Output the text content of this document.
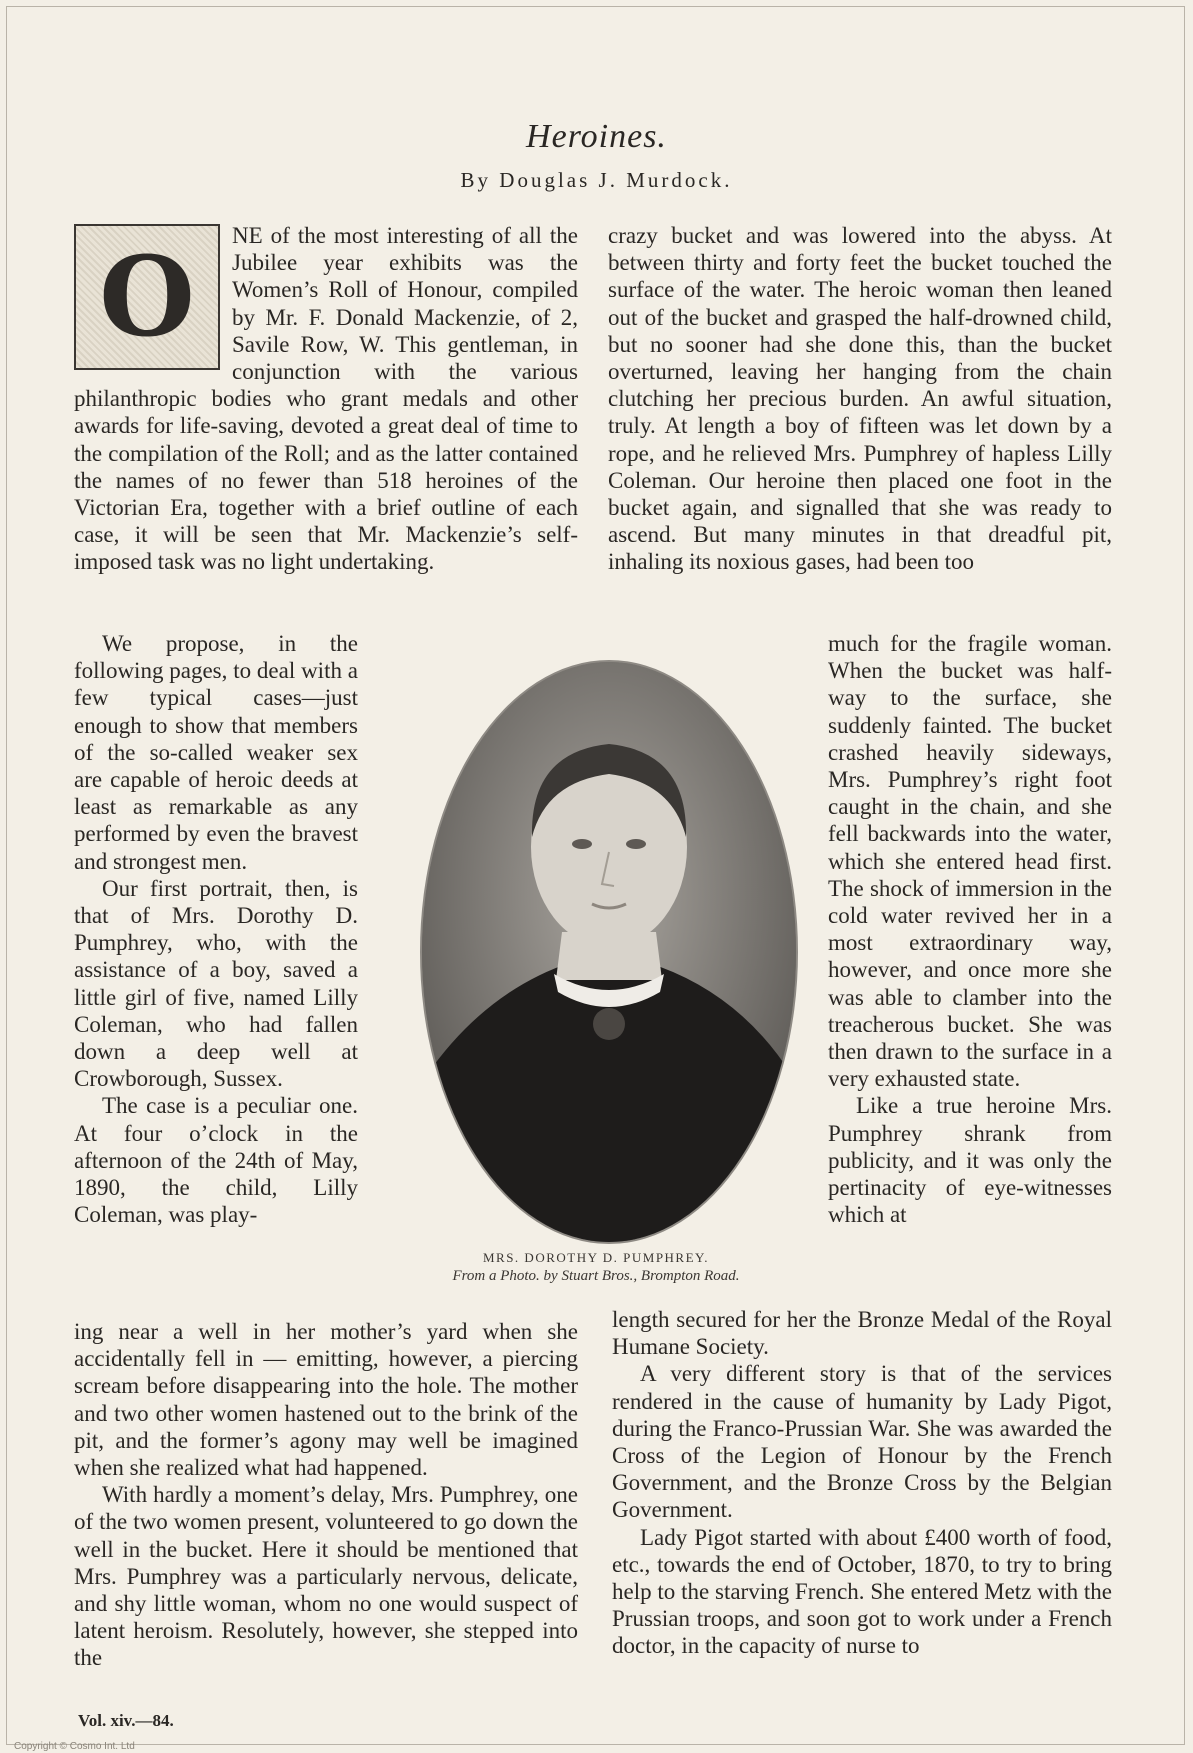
Heroines.
By Douglas J. Murdock.
O	NE of the most interesting of all the Jubilee year exhibits was the Women’s Roll of Honour, compiled by Mr. F. Donald Mackenzie, of 2, Savile Row, W. This gentleman, in conjunction with the various philanthropic bodies who grant medals and other awards for life-saving, devoted a great deal of time to the compilation of the Roll; and as the latter contained the names of no fewer than 518 heroines of the Victorian Era, together with a brief outline of each case, it will be seen that Mr. Mackenzie’s self-imposed task was no light undertaking.

We propose, in the following pages, to deal with a few typical cases—just enough to show that members of the so-called weaker sex are capable of heroic deeds at least as remarkable as any performed by even the bravest and strongest men.

Our first portrait, then, is that of Mrs. Dorothy D. Pumphrey, who, with the assistance of a boy, saved a little girl of five, named Lilly Coleman, who had fallen down a deep well at Crowborough, Sussex.

The case is a peculiar one. At four o’clock in the afternoon of the 24th of May, 1890, the child, Lilly Coleman, was play-

ing near a well in her mother’s yard when she accidentally fell in — emitting, however, a piercing scream before disappearing into the hole. The mother and two other women hastened out to the brink of the pit, and the former’s agony may well be imagined when she realized what had happened.

With hardly a moment’s delay, Mrs. Pumphrey, one of the two women present, volunteered to go down the well in the bucket. Here it should be mentioned that Mrs. Pumphrey was a particularly nervous, delicate, and shy little woman, whom no one would suspect of latent heroism. Resolutely, however, she stepped into the

crazy bucket and was lowered into the abyss. At between thirty and forty feet the bucket touched the surface of the water. The heroic woman then leaned out of the bucket and grasped the half-drowned child, but no sooner had she done this, than the bucket overturned, leaving her hanging from the chain clutching her precious burden. An awful situation, truly. At length a boy of fifteen was let down by a rope, and he relieved Mrs. Pumphrey of hapless Lilly Coleman. Our heroine then placed one foot in the bucket again, and signalled that she was ready to ascend. But many minutes in that dreadful pit, inhaling its noxious gases, had been too

much for the fragile woman. When the bucket was half-way to the surface, she suddenly fainted. The bucket crashed heavily sideways, Mrs. Pumphrey’s right foot caught in the chain, and she fell backwards into the water, which she entered head first. The shock of immersion in the cold water revived her in a most extraordinary way, however, and once more she was able to clamber into the treacherous bucket. She was then drawn to the surface in a very exhausted state.

Like a true heroine Mrs. Pumphrey shrank from publicity, and it was only the pertinacity of eye-witnesses which at

length secured for her the Bronze Medal of the Royal Humane Society.

A very different story is that of the services rendered in the cause of humanity by Lady Pigot, during the Franco-Prussian War. She was awarded the Cross of the Legion of Honour by the French Government, and the Bronze Cross by the Belgian Government.

Lady Pigot started with about £400 worth of food, etc., towards the end of October, 1870, to try to bring help to the starving French. She entered Metz with the Prussian troops, and soon got to work under a French doctor, in the capacity of nurse to

MRS. DOROTHY D. PUMPHREY.
From a Photo. by Stuart Bros., Brompton Road.
Vol. xiv.—84.
Copyright © Cosmo Int. Ltd
